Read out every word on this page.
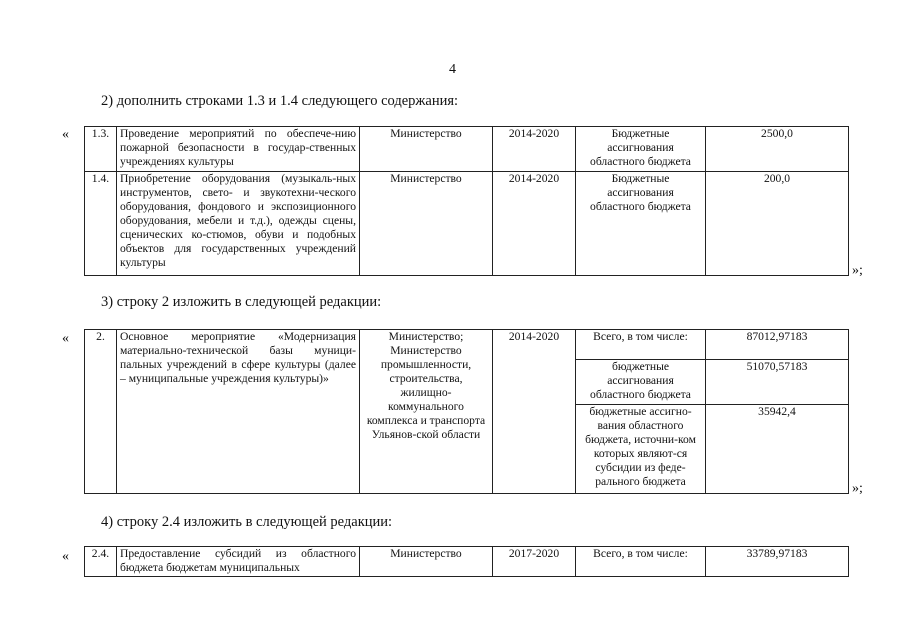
4
2) дополнить строками 1.3 и 1.4 следующего содержания:
« 1.3.	Проведение мероприятий по обеспече-нию пожарной безопасности в государ-ственных учреждениях культуры	Министерство	2014-2020	Бюджетные ассигнования областного бюджета	2500,0
1.4.	Приобретение оборудования (музыкаль-ных инструментов, свето- и звукотехни-ческого оборудования, фондового и экспозиционного оборудования, мебели и т.д.), одежды сцены, сценических ко-стюмов, обуви и подобных объектов для государственных учреждений культуры	Министерство	2014-2020	Бюджетные ассигнования областного бюджета	200,0
»;
3) строку 2 изложить в следующей редакции:
« 2.	Основное мероприятие «Модернизация материально-технической базы муници-пальных учреждений в сфере культуры (далее – муниципальные учреждения культуры)»	Министерство; Министерство промышленности, строительства, жилищно-коммунального комплекса и транспорта Ульянов-ской области	2014-2020	Всего, в том числе:	87012,97183
				бюджетные ассигнования областного бюджета	51070,57183
				бюджетные ассигно-вания областного бюджета, источни-ком которых являют-ся субсидии из феде-рального бюджета	35942,4
»;
4) строку 2.4 изложить в следующей редакции:
« 2.4.	Предоставление субсидий из областного бюджета бюджетам муниципальных	Министерство	2017-2020	Всего, в том числе:	33789,97183
